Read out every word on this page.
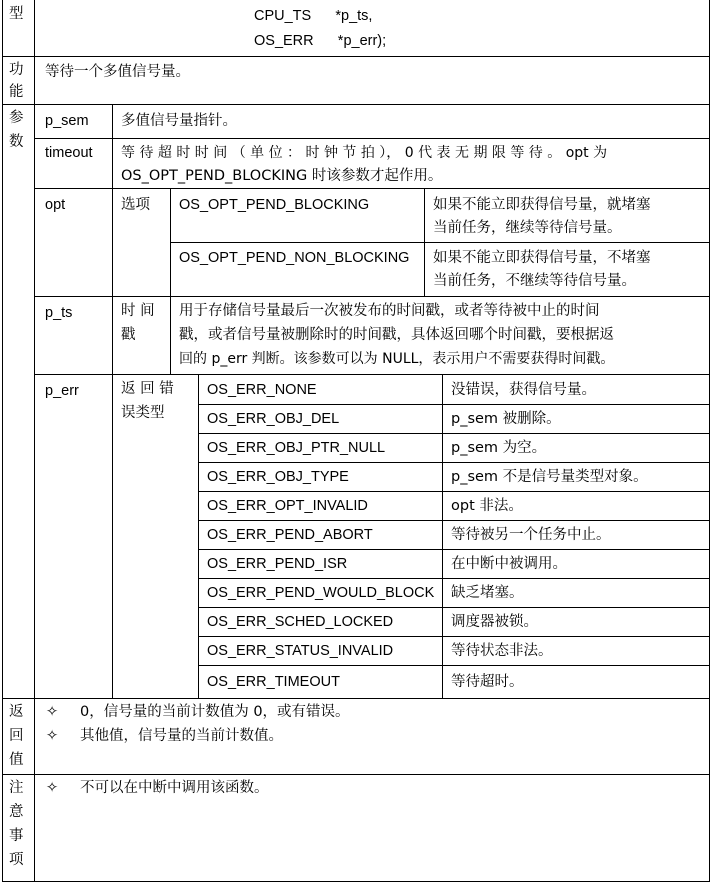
型	CPU_TS      *p_ts,
OS_ERR      *p_err);
功
能
等待一个多值信号量。
参
数
p_sem 多值信号量指针。
timeout 等 待 超 时 时 间 （ 单 位 ： 时 钟 节 拍 ）， 0 代 表 无 期 限 等 待 。 opt 为
OS_OPT_PEND_BLOCKING 时该参数才起作用。
opt	选项 OS_OPT_PEND_BLOCKING	如果不能立即获得信号量，就堵塞
当前任务，继续等待信号量。
OS_OPT_PEND_NON_BLOCKING 如果不能立即获得信号量，不堵塞
当前任务，不继续等待信号量。
p_ts	时 间
戳
用于存储信号量最后一次被发布的时间戳，或者等待被中止的时间
戳，或者信号量被删除时的时间戳，具体返回哪个时间戳，要根据返
回的 p_err 判断。该参数可以为 NULL，表示用户不需要获得时间戳。
p_err	返 回 错
误类型
OS_ERR_NONE	没错误，获得信号量。
OS_ERR_OBJ_DEL	p_sem 被删除。
OS_ERR_OBJ_PTR_NULL	p_sem 为空。
OS_ERR_OBJ_TYPE	p_sem 不是信号量类型对象。
OS_ERR_OPT_INVALID	opt 非法。
OS_ERR_PEND_ABORT	等待被另一个任务中止。
OS_ERR_PEND_ISR	在中断中被调用。
OS_ERR_PEND_WOULD_BLOCK 缺乏堵塞。
OS_ERR_SCHED_LOCKED	调度器被锁。
OS_ERR_STATUS_INVALID	等待状态非法。
OS_ERR_TIMEOUT	等待超时。
返
回
值
✧ 0，信号量的当前计数值为 0，或有错误。
✧ 其他值，信号量的当前计数值。
注
意
事
项
✧ 不可以在中断中调用该函数。
